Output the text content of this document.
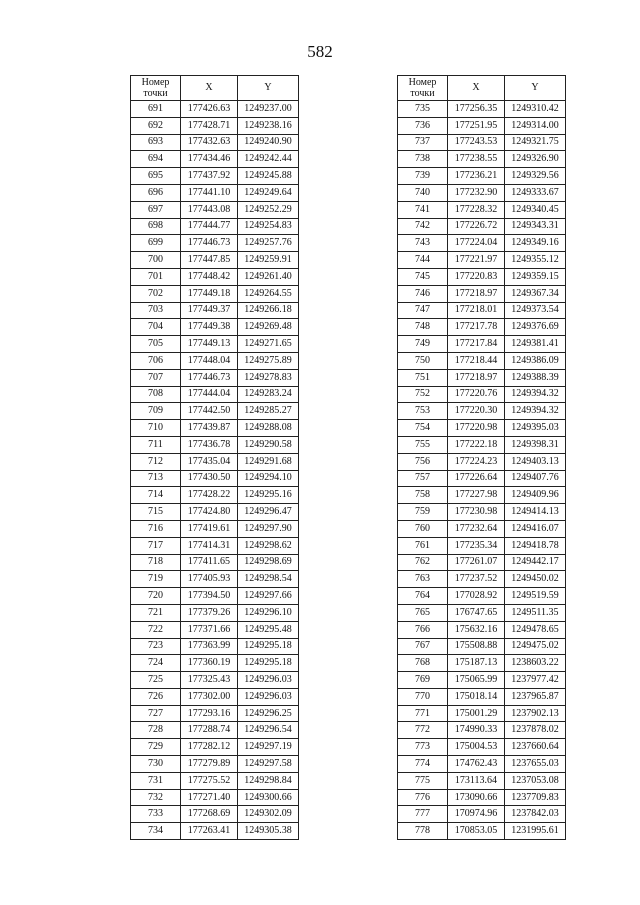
582
Номер
точки	X	Y
691	177426.63	1249237.00
692	177428.71	1249238.16
693	177432.63	1249240.90
694	177434.46	1249242.44
695	177437.92	1249245.88
696	177441.10	1249249.64
697	177443.08	1249252.29
698	177444.77	1249254.83
699	177446.73	1249257.76
700	177447.85	1249259.91
701	177448.42	1249261.40
702	177449.18	1249264.55
703	177449.37	1249266.18
704	177449.38	1249269.48
705	177449.13	1249271.65
706	177448.04	1249275.89
707	177446.73	1249278.83
708	177444.04	1249283.24
709	177442.50	1249285.27
710	177439.87	1249288.08
711	177436.78	1249290.58
712	177435.04	1249291.68
713	177430.50	1249294.10
714	177428.22	1249295.16
715	177424.80	1249296.47
716	177419.61	1249297.90
717	177414.31	1249298.62
718	177411.65	1249298.69
719	177405.93	1249298.54
720	177394.50	1249297.66
721	177379.26	1249296.10
722	177371.66	1249295.48
723	177363.99	1249295.18
724	177360.19	1249295.18
725	177325.43	1249296.03
726	177302.00	1249296.03
727	177293.16	1249296.25
728	177288.74	1249296.54
729	177282.12	1249297.19
730	177279.89	1249297.58
731	177275.52	1249298.84
732	177271.40	1249300.66
733	177268.69	1249302.09
734	177263.41	1249305.38
Номер
точки	X	Y
735	177256.35	1249310.42
736	177251.95	1249314.00
737	177243.53	1249321.75
738	177238.55	1249326.90
739	177236.21	1249329.56
740	177232.90	1249333.67
741	177228.32	1249340.45
742	177226.72	1249343.31
743	177224.04	1249349.16
744	177221.97	1249355.12
745	177220.83	1249359.15
746	177218.97	1249367.34
747	177218.01	1249373.54
748	177217.78	1249376.69
749	177217.84	1249381.41
750	177218.44	1249386.09
751	177218.97	1249388.39
752	177220.76	1249394.32
753	177220.30	1249394.32
754	177220.98	1249395.03
755	177222.18	1249398.31
756	177224.23	1249403.13
757	177226.64	1249407.76
758	177227.98	1249409.96
759	177230.98	1249414.13
760	177232.64	1249416.07
761	177235.34	1249418.78
762	177261.07	1249442.17
763	177237.52	1249450.02
764	177028.92	1249519.59
765	176747.65	1249511.35
766	175632.16	1249478.65
767	175508.88	1249475.02
768	175187.13	1238603.22
769	175065.99	1237977.42
770	175018.14	1237965.87
771	175001.29	1237902.13
772	174990.33	1237878.02
773	175004.53	1237660.64
774	174762.43	1237655.03
775	173113.64	1237053.08
776	173090.66	1237709.83
777	170974.96	1237842.03
778	170853.05	1231995.61
